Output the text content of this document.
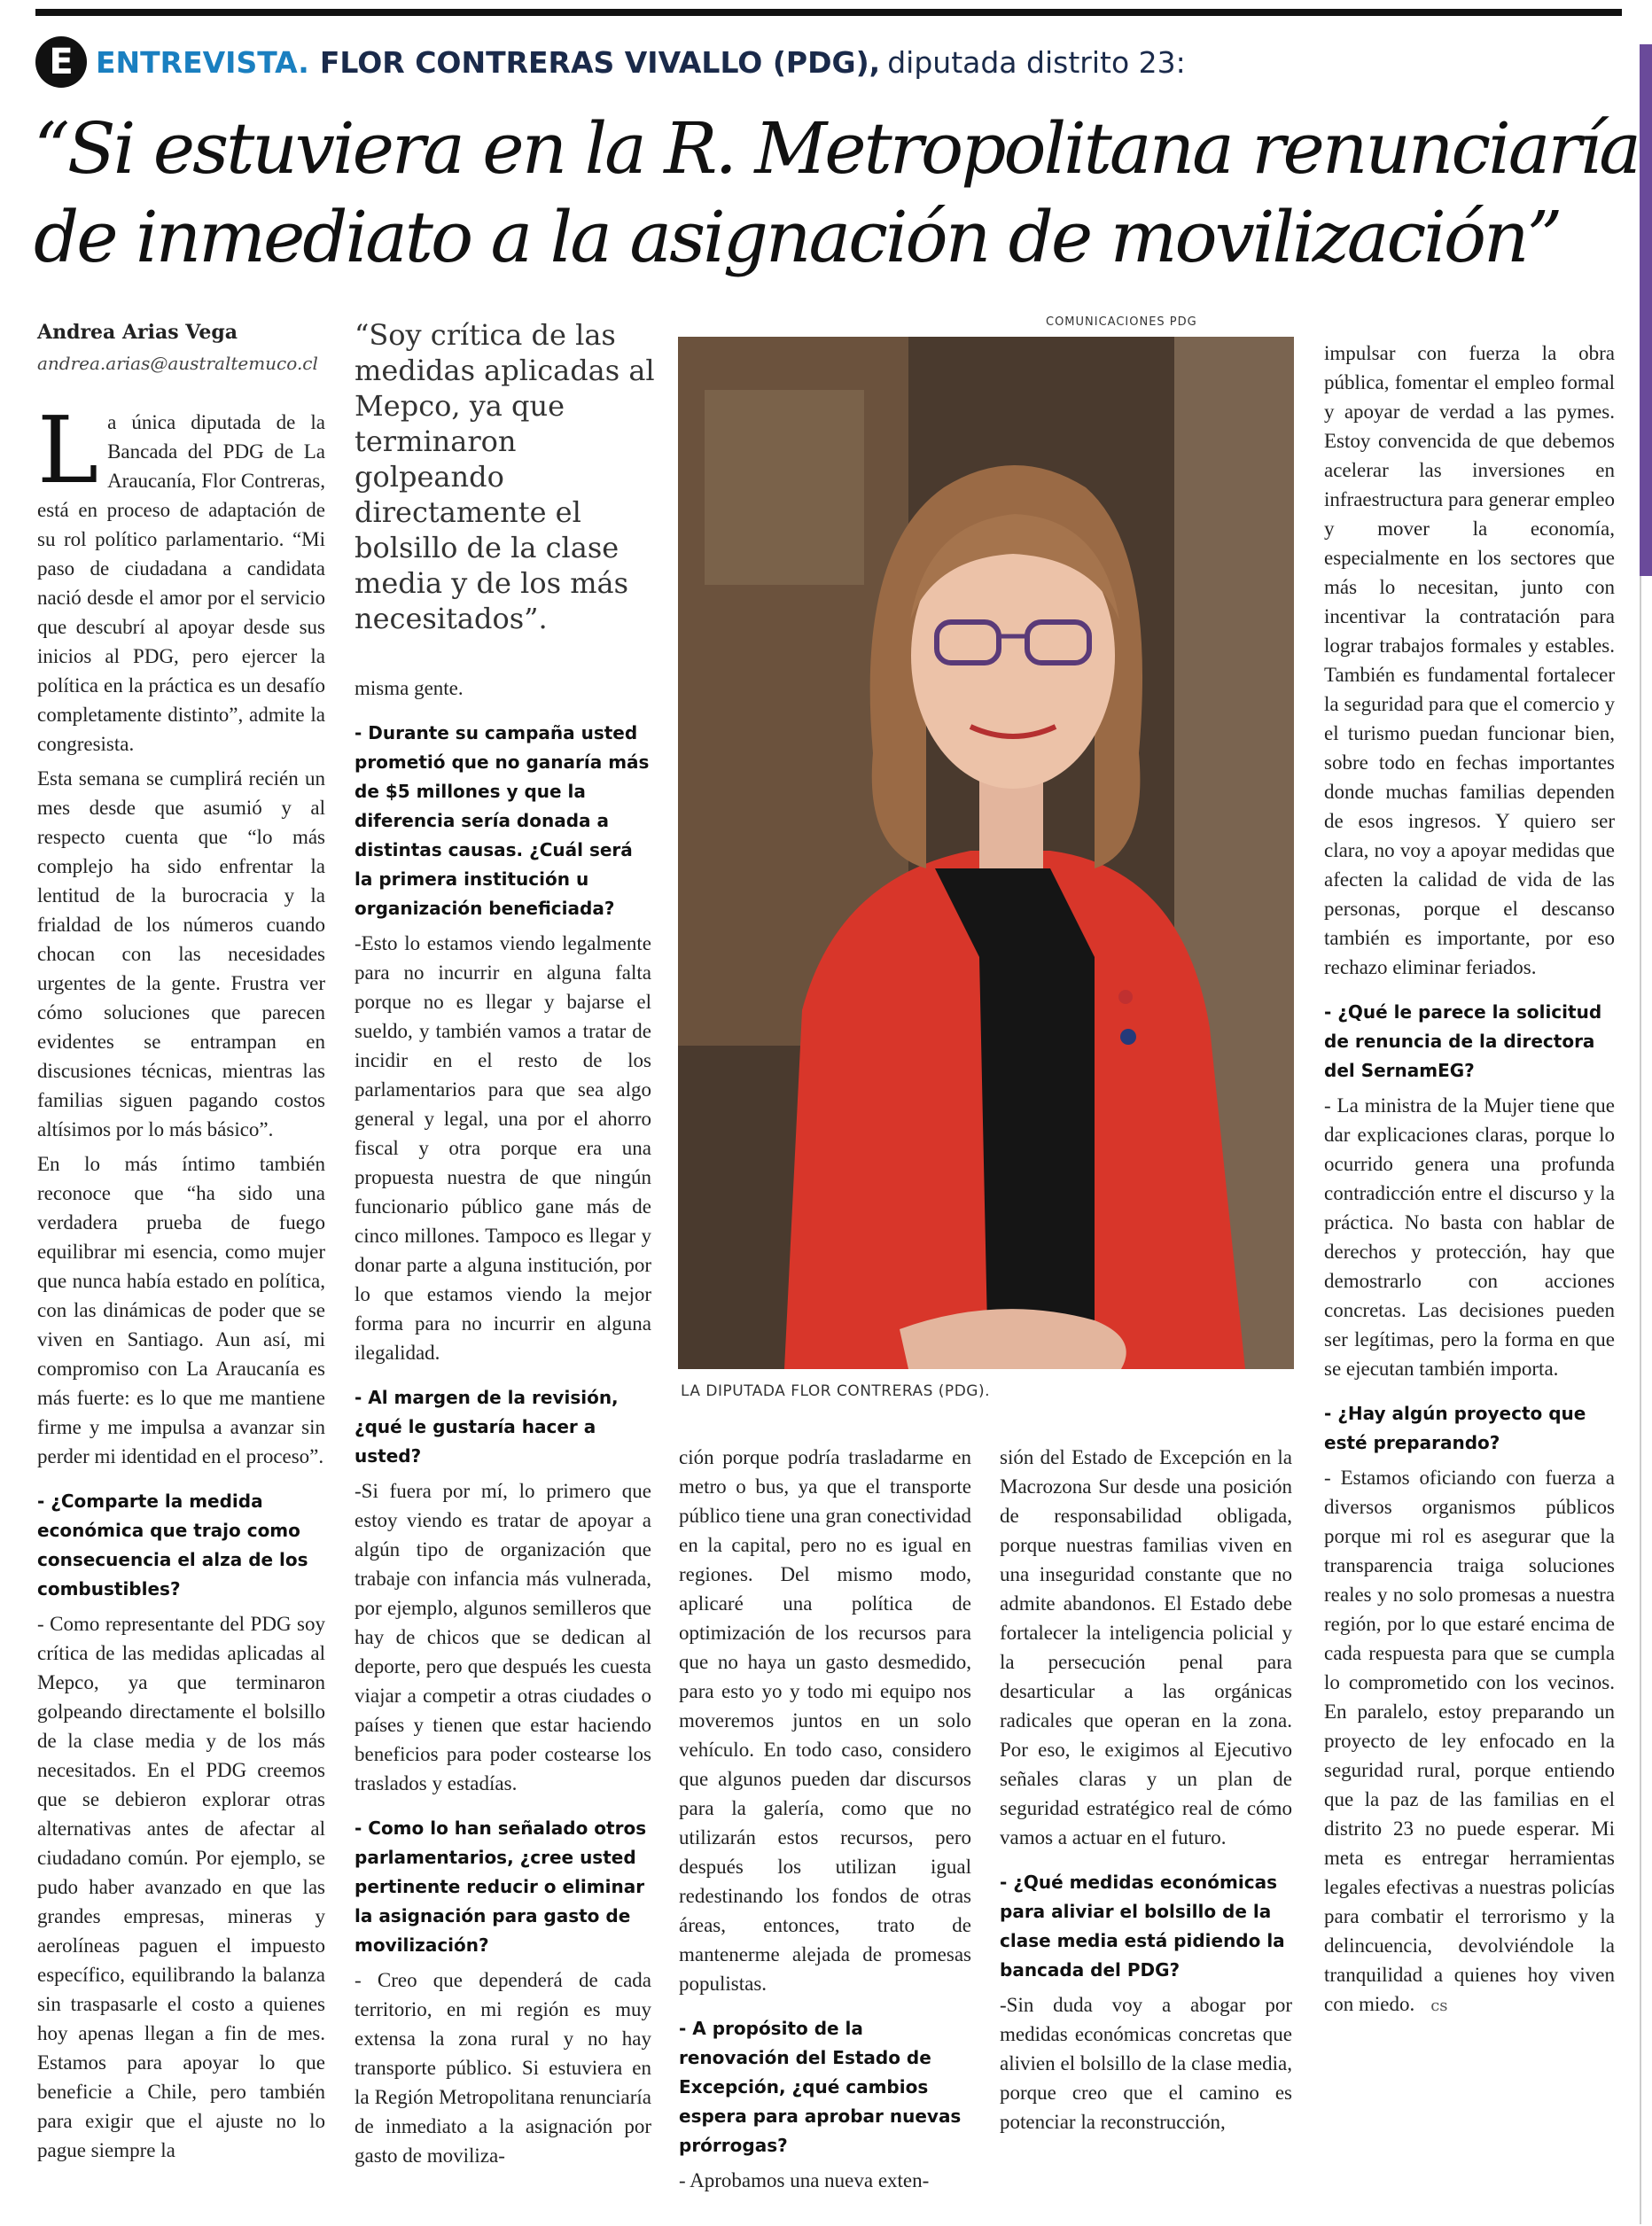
E ENTREVISTA. FLOR CONTRERAS VIVALLO (PDG), diputada distrito 23:
“Si estuviera en la R. Metropolitana renunciaría
de inmediato a la asignación de movilización”
Andrea Arias Vega
andrea.arias@australtemuco.cl

La única diputada de la Bancada del PDG de La Araucanía, Flor Contreras, está en proceso de adaptación de su rol político parlamentario. “Mi paso de ciudadana a candidata nació desde el amor por el servicio que descubrí al apoyar desde sus inicios al PDG, pero ejercer la política en la práctica es un desafío completamente distinto”, admite la congresista.

Esta semana se cumplirá recién un mes desde que asumió y al respecto cuenta que “lo más complejo ha sido enfrentar la lentitud de la burocracia y la frialdad de los números cuando chocan con las necesidades urgentes de la gente. Frustra ver cómo soluciones que parecen evidentes se entrampan en discusiones técnicas, mientras las familias siguen pagando costos altísimos por lo más básico”.

En lo más íntimo también reconoce que “ha sido una verdadera prueba de fuego equilibrar mi esencia, como mujer que nunca había estado en política, con las dinámicas de poder que se viven en Santiago. Aun así, mi compromiso con La Araucanía es más fuerte: es lo que me mantiene firme y me impulsa a avanzar sin perder mi identidad en el proceso”.

- ¿Comparte la medida económica que trajo como consecuencia el alza de los combustibles?

- Como representante del PDG soy crítica de las medidas aplicadas al Mepco, ya que terminaron golpeando directamente el bolsillo de la clase media y de los más necesitados. En el PDG creemos que se debieron explorar otras alternativas antes de afectar al ciudadano común. Por ejemplo, se pudo haber avanzado en que las grandes empresas, mineras y aerolíneas paguen el impuesto específico, equilibrando la balanza sin traspasarle el costo a quienes hoy apenas llegan a fin de mes. Estamos para apoyar lo que beneficie a Chile, pero también para exigir que el ajuste no lo pague siempre la

“Soy crítica de las medidas aplicadas al Mepco, ya que terminaron golpeando directamente el bolsillo de la clase media y de los más necesitados”.

misma gente.

- Durante su campaña usted prometió que no ganaría más de $5 millones y que la diferencia sería donada a distintas causas. ¿Cuál será la primera institución u organización beneficiada?

-Esto lo estamos viendo legalmente para no incurrir en alguna falta porque no es llegar y bajarse el sueldo, y también vamos a tratar de incidir en el resto de los parlamentarios para que sea algo general y legal, una por el ahorro fiscal y otra porque era una propuesta nuestra de que ningún funcionario público gane más de cinco millones. Tampoco es llegar y donar parte a alguna institución, por lo que estamos viendo la mejor forma para no incurrir en alguna ilegalidad.

- Al margen de la revisión, ¿qué le gustaría hacer a usted?

-Si fuera por mí, lo primero que estoy viendo es tratar de apoyar a algún tipo de organización que trabaje con infancia más vulnerada, por ejemplo, algunos semilleros que hay de chicos que se dedican al deporte, pero que después les cuesta viajar a competir a otras ciudades o países y tienen que estar haciendo beneficios para poder costearse los traslados y estadías.

- Como lo han señalado otros parlamentarios, ¿cree usted pertinente reducir o eliminar la asignación para gasto de movilización?

- Creo que dependerá de cada territorio, en mi región es muy extensa la zona rural y no hay transporte público. Si estuviera en la Región Metropolitana renunciaría de inmediato a la asignación por gasto de moviliza-

COMUNICACIONES PDG
LA DIPUTADA FLOR CONTRERAS (PDG).

ción porque podría trasladarme en metro o bus, ya que el transporte público tiene una gran conectividad en la capital, pero no es igual en regiones. Del mismo modo, aplicaré una política de optimización de los recursos para que no haya un gasto desmedido, para esto yo y todo mi equipo nos moveremos juntos en un solo vehículo. En todo caso, considero que algunos pueden dar discursos para la galería, como que no utilizarán estos recursos, pero después los utilizan igual redestinando los fondos de otras áreas, entonces, trato de mantenerme alejada de promesas populistas.

- A propósito de la renovación del Estado de Excepción, ¿qué cambios espera para aprobar nuevas prórrogas?

- Aprobamos una nueva exten-

sión del Estado de Excepción en la Macrozona Sur desde una posición de responsabilidad obligada, porque nuestras familias viven en una inseguridad constante que no admite abandonos. El Estado debe fortalecer la inteligencia policial y la persecución penal para desarticular a las orgánicas radicales que operan en la zona. Por eso, le exigimos al Ejecutivo señales claras y un plan de seguridad estratégico real de cómo vamos a actuar en el futuro.

- ¿Qué medidas económicas para aliviar el bolsillo de la clase media está pidiendo la bancada del PDG?

-Sin duda voy a abogar por medidas económicas concretas que alivien el bolsillo de la clase media, porque creo que el camino es potenciar la reconstrucción,

impulsar con fuerza la obra pública, fomentar el empleo formal y apoyar de verdad a las pymes. Estoy convencida de que debemos acelerar las inversiones en infraestructura para generar empleo y mover la economía, especialmente en los sectores que más lo necesitan, junto con incentivar la contratación para lograr trabajos formales y estables. También es fundamental fortalecer la seguridad para que el comercio y el turismo puedan funcionar bien, sobre todo en fechas importantes donde muchas familias dependen de esos ingresos. Y quiero ser clara, no voy a apoyar medidas que afecten la calidad de vida de las personas, porque el descanso también es importante, por eso rechazo eliminar feriados.

- ¿Qué le parece la solicitud de renuncia de la directora del SernamEG?

- La ministra de la Mujer tiene que dar explicaciones claras, porque lo ocurrido genera una profunda contradicción entre el discurso y la práctica. No basta con hablar de derechos y protección, hay que demostrarlo con acciones concretas. Las decisiones pueden ser legítimas, pero la forma en que se ejecutan también importa.

- ¿Hay algún proyecto que esté preparando?

- Estamos oficiando con fuerza a diversos organismos públicos porque mi rol es asegurar que la transparencia traiga soluciones reales y no solo promesas a nuestra región, por lo que estaré encima de cada respuesta para que se cumpla lo comprometido con los vecinos. En paralelo, estoy preparando un proyecto de ley enfocado en la seguridad rural, porque entiendo que la paz de las familias en el distrito 23 no puede esperar. Mi meta es entregar herramientas legales efectivas a nuestras policías para combatir el terrorismo y la delincuencia, devolviéndole la tranquilidad a quienes hoy viven con miedo. cs
